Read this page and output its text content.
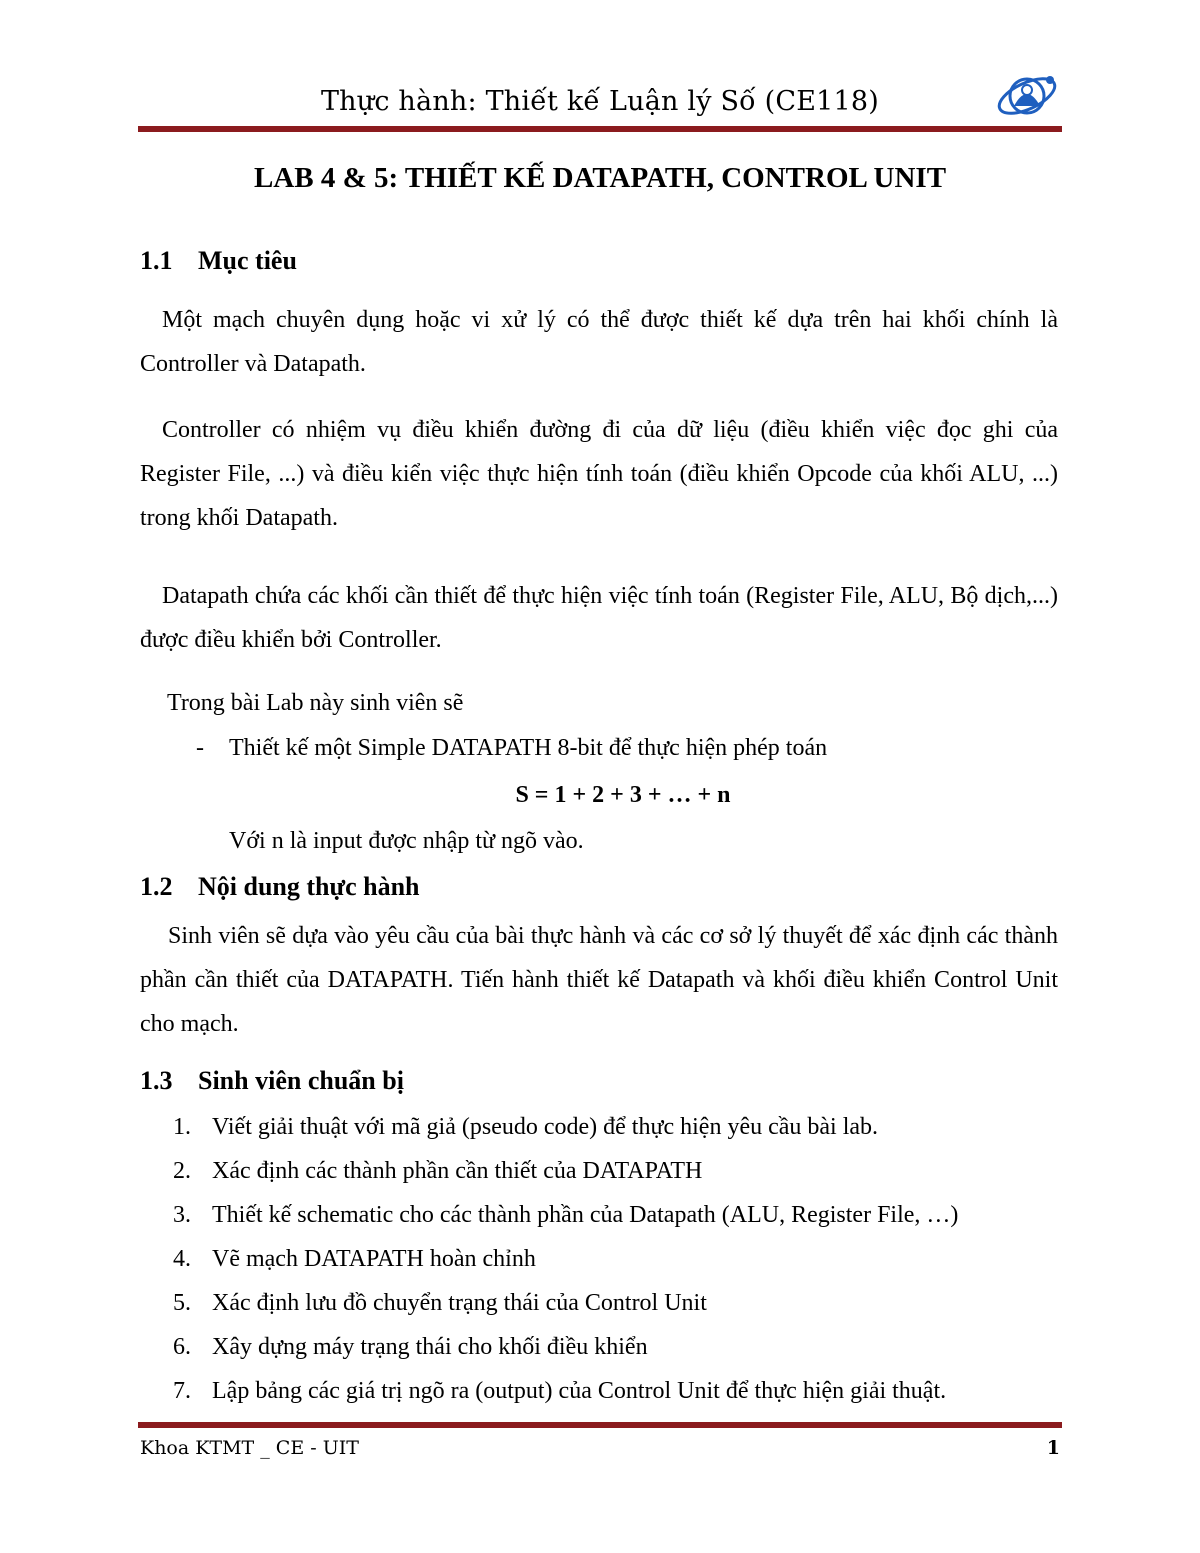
Thực hành: Thiết kế Luận lý Số (CE118)
LAB 4 & 5: THIẾT KẾ DATAPATH, CONTROL UNIT
1.1 Mục tiêu
Một mạch chuyên dụng hoặc vi xử lý có thể được thiết kế dựa trên hai khối chính là Controller và Datapath.
Controller có nhiệm vụ điều khiển đường đi của dữ liệu (điều khiển việc đọc ghi của Register File, ...) và điều kiển việc thực hiện tính toán (điều khiển Opcode của khối ALU, ...) trong khối Datapath.
Datapath chứa các khối cần thiết để thực hiện việc tính toán (Register File, ALU, Bộ dịch,...) được điều khiển bởi Controller.
Trong bài Lab này sinh viên sẽ
- Thiết kế một Simple DATAPATH 8-bit để thực hiện phép toán
S = 1 + 2 + 3 + … + n
Với n là input được nhập từ ngõ vào.
1.2 Nội dung thực hành
Sinh viên sẽ dựa vào yêu cầu của bài thực hành và các cơ sở lý thuyết để xác định các thành phần cần thiết của DATAPATH. Tiến hành thiết kế Datapath và khối điều khiển Control Unit cho mạch.
1.3 Sinh viên chuẩn bị
1. Viết giải thuật với mã giả (pseudo code) để thực hiện yêu cầu bài lab.
2. Xác định các thành phần cần thiết của DATAPATH
3. Thiết kế schematic cho các thành phần của Datapath (ALU, Register File, …)
4. Vẽ mạch DATAPATH hoàn chỉnh
5. Xác định lưu đồ chuyển trạng thái của Control Unit
6. Xây dựng máy trạng thái cho khối điều khiển
7. Lập bảng các giá trị ngõ ra (output) của Control Unit để thực hiện giải thuật.
Khoa KTMT _ CE - UIT	1
